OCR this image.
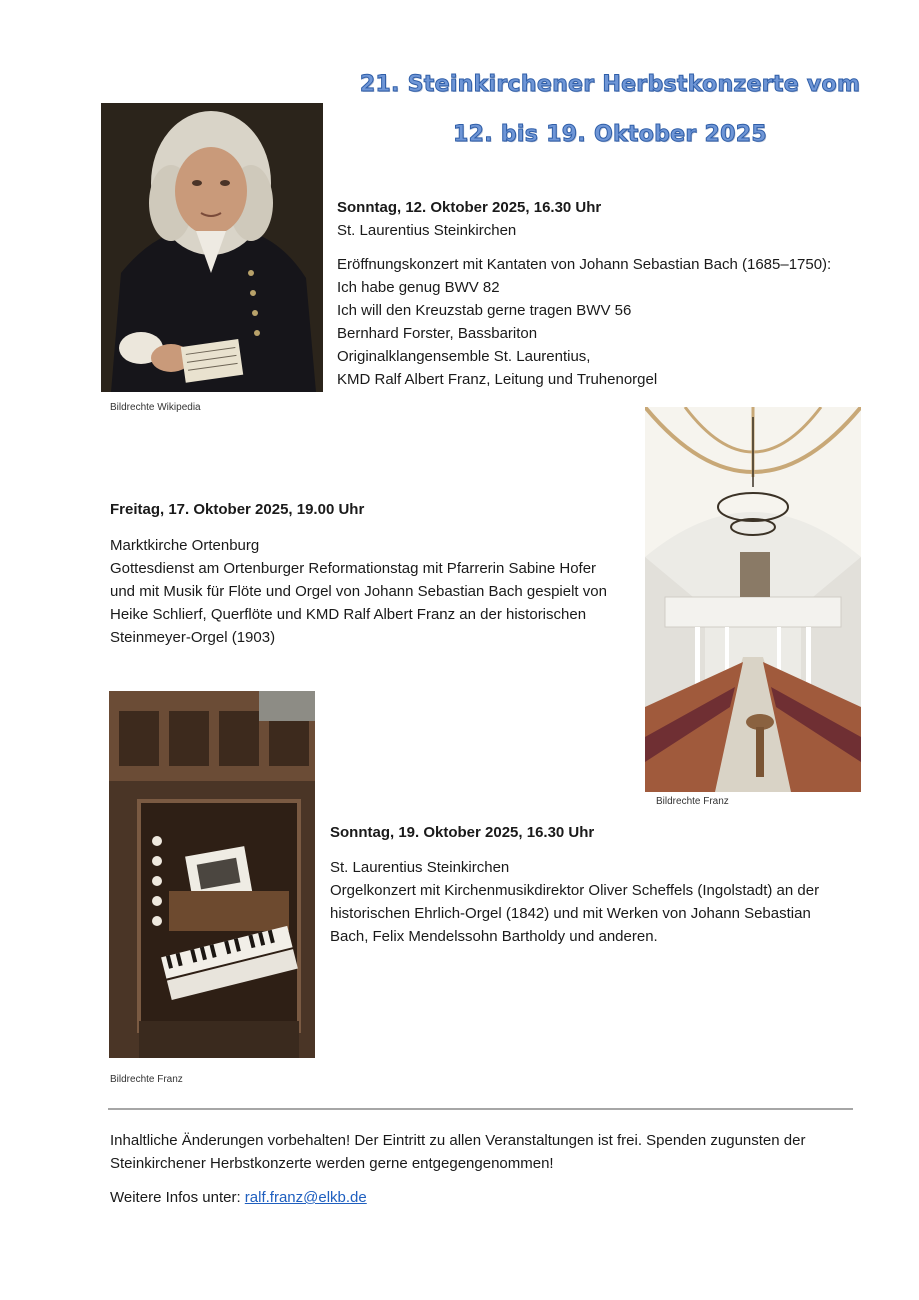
21. Steinkirchener Herbstkonzerte vom
12. bis 19. Oktober 2025
Bildrechte Wikipedia
Sonntag, 12. Oktober 2025, 16.30 Uhr
St. Laurentius Steinkirchen
Eröffnungskonzert mit Kantaten von Johann Sebastian Bach (1685–1750):
Ich habe genug BWV 82
Ich will den Kreuzstab gerne tragen BWV 56
Bernhard Forster, Bassbariton
Originalklangensemble St. Laurentius,
KMD Ralf Albert Franz, Leitung und Truhenorgel
Bildrechte Franz
Freitag, 17. Oktober 2025, 19.00 Uhr
Marktkirche Ortenburg
Gottesdienst am Ortenburger Reformationstag mit Pfarrerin Sabine Hofer
und mit Musik für Flöte und Orgel von Johann Sebastian Bach gespielt von
Heike Schlierf, Querflöte und KMD Ralf Albert Franz an der historischen
Steinmeyer-Orgel (1903)
Bildrechte Franz
Sonntag, 19. Oktober 2025, 16.30 Uhr
St. Laurentius Steinkirchen
Orgelkonzert mit Kirchenmusikdirektor Oliver Scheffels (Ingolstadt) an der
historischen Ehrlich-Orgel (1842) und mit Werken von Johann Sebastian
Bach, Felix Mendelssohn Bartholdy und anderen.
Inhaltliche Änderungen vorbehalten! Der Eintritt zu allen Veranstaltungen ist frei. Spenden zugunsten der
Steinkirchener Herbstkonzerte werden gerne entgegengenommen!
Weitere Infos unter: ralf.franz@elkb.de
